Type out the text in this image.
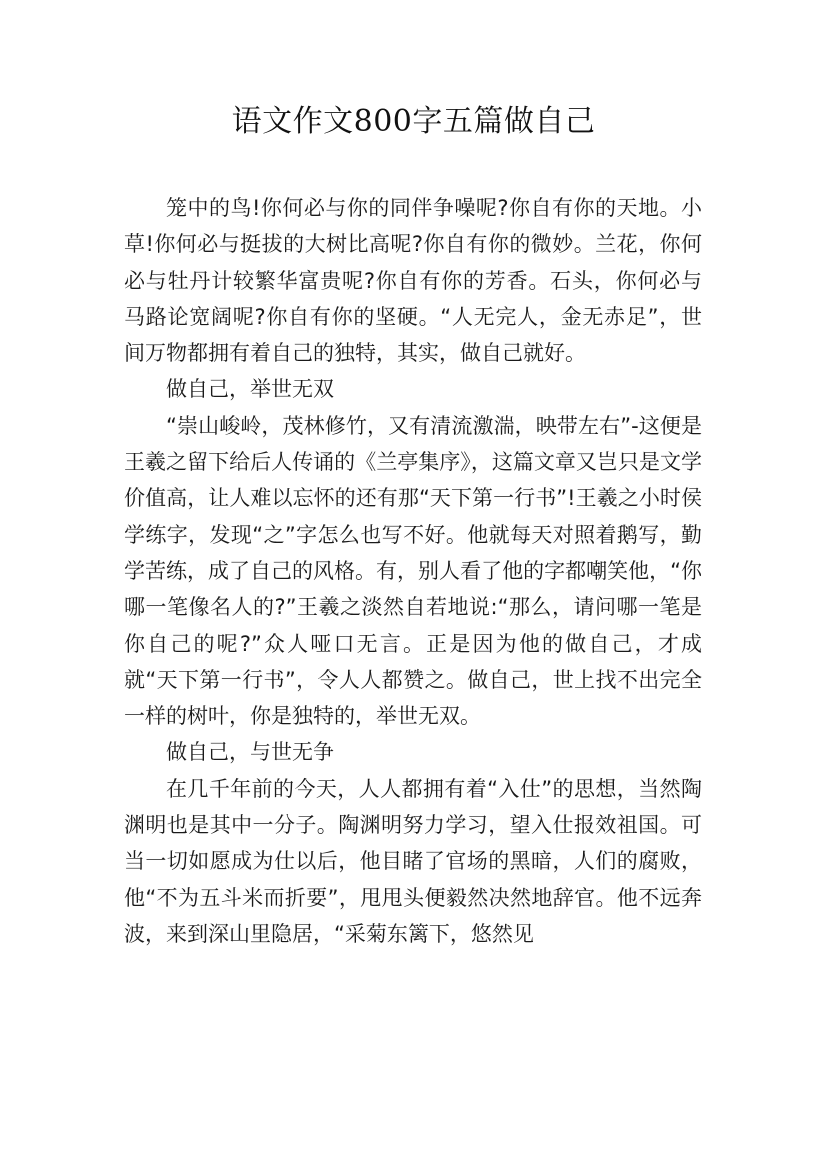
语文作文800字五篇做自己

笼中的鸟!你何必与你的同伴争噪呢?你自有你的天地。小草!你何必与挺拔的大树比高呢?你自有你的微妙。兰花，你何必与牡丹计较繁华富贵呢?你自有你的芳香。石头，你何必与马路论宽阔呢?你自有你的坚硬。“人无完人，金无赤足”，世间万物都拥有着自己的独特，其实，做自己就好。

做自己，举世无双

“崇山峻岭，茂林修竹，又有清流激湍，映带左右”-这便是王羲之留下给后人传诵的《兰亭集序》，这篇文章又岂只是文学价值高，让人难以忘怀的还有那“天下第一行书”!王羲之小时侯学练字，发现“之”字怎么也写不好。他就每天对照着鹅写，勤学苦练，成了自己的风格。有，别人看了他的字都嘲笑他，“你哪一笔像名人的?”王羲之淡然自若地说:“那么，请问哪一笔是你自己的呢?”众人哑口无言。正是因为他的做自己，才成就“天下第一行书”，令人人都赞之。做自己，世上找不出完全一样的树叶，你是独特的，举世无双。

做自己，与世无争

在几千年前的今天，人人都拥有着“入仕”的思想，当然陶渊明也是其中一分子。陶渊明努力学习，望入仕报效祖国。可当一切如愿成为仕以后，他目睹了官场的黑暗，人们的腐败，他“不为五斗米而折要”，甩甩头便毅然决然地辞官。他不远奔波，来到深山里隐居，“采菊东篱下，悠然见
